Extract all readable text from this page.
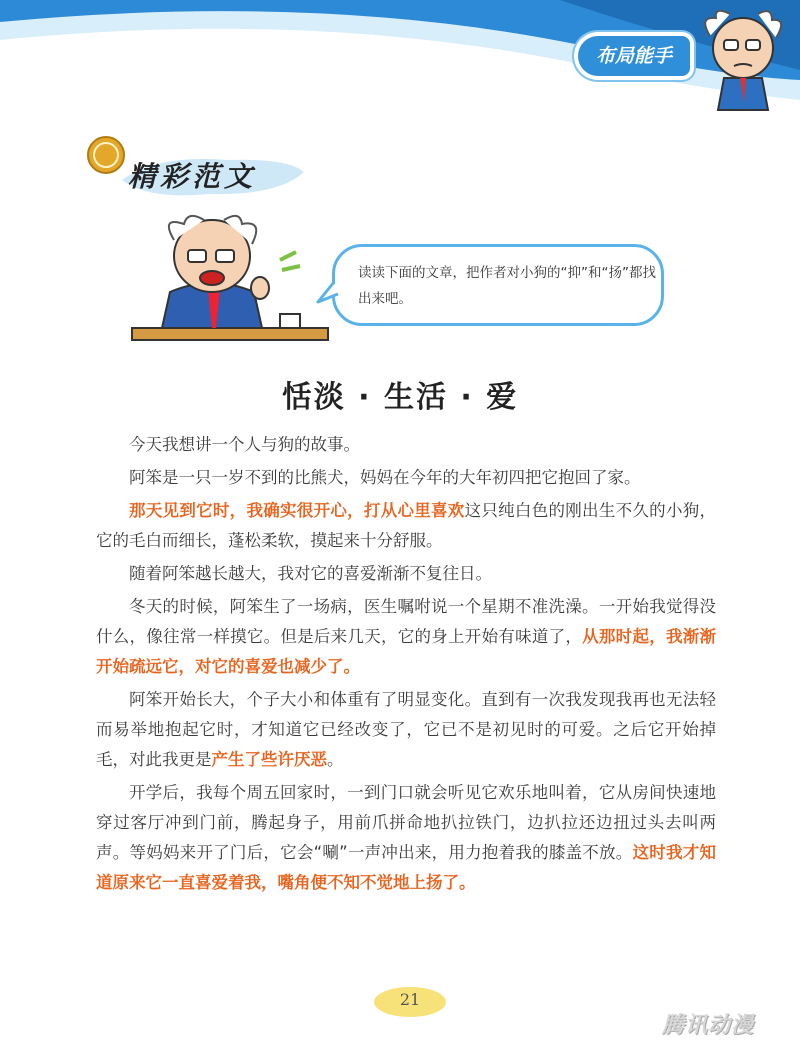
布局能手
精彩范文
读读下面的文章，把作者对小狗的“抑”和“扬”都找出来吧。
恬淡 · 生活 · 爱

今天我想讲一个人与狗的故事。

阿笨是一只一岁不到的比熊犬，妈妈在今年的大年初四把它抱回了家。

那天见到它时，我确实很开心，打从心里喜欢这只纯白色的刚出生不久的小狗，它的毛白而细长，蓬松柔软，摸起来十分舒服。

随着阿笨越长越大，我对它的喜爱渐渐不复往日。

冬天的时候，阿笨生了一场病，医生嘱咐说一个星期不准洗澡。一开始我觉得没什么，像往常一样摸它。但是后来几天，它的身上开始有味道了，从那时起，我渐渐开始疏远它，对它的喜爱也减少了。

阿笨开始长大，个子大小和体重有了明显变化。直到有一次我发现我再也无法轻而易举地抱起它时，才知道它已经改变了，它已不是初见时的可爱。之后它开始掉毛，对此我更是产生了些许厌恶。

开学后，我每个周五回家时，一到门口就会听见它欢乐地叫着，它从房间快速地穿过客厅冲到门前，腾起身子，用前爪拼命地扒拉铁门，边扒拉还边扭过头去叫两声。等妈妈来开了门后，它会“唰”一声冲出来，用力抱着我的膝盖不放。这时我才知道原来它一直喜爱着我，嘴角便不知不觉地上扬了。

21
腾讯动漫
